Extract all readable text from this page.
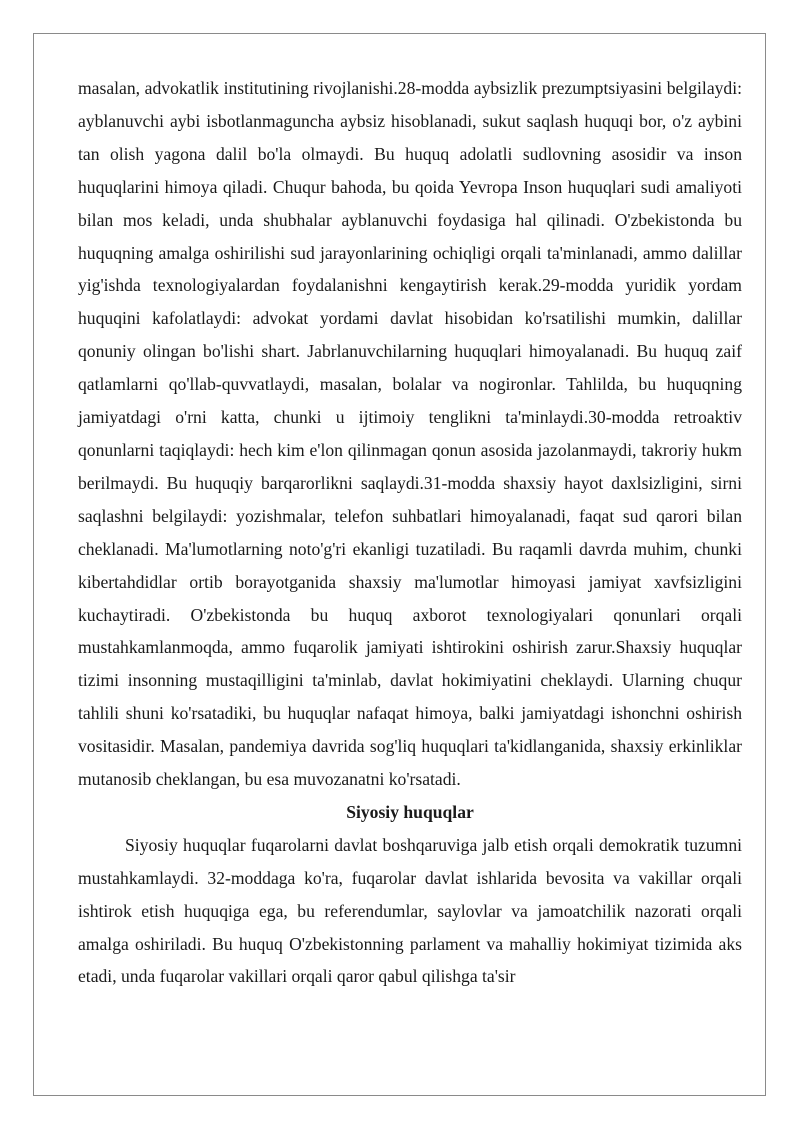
masalan, advokatlik institutining rivojlanishi.28-modda aybsizlik prezumptsiyasini belgilaydi: ayblanuvchi aybi isbotlanmaguncha aybsiz hisoblanadi, sukut saqlash huquqi bor, o'z aybini tan olish yagona dalil bo'la olmaydi. Bu huquq adolatli sudlovning asosidir va inson huquqlarini himoya qiladi. Chuqur bahoda, bu qoida Yevropa Inson huquqlari sudi amaliyoti bilan mos keladi, unda shubhalar ayblanuvchi foydasiga hal qilinadi. O'zbekistonda bu huquqning amalga oshirilishi sud jarayonlarining ochiqligi orqali ta'minlanadi, ammo dalillar yig'ishda texnologiyalardan foydalanishni kengaytirish kerak.29-modda yuridik yordam huquqini kafolatlaydi: advokat yordami davlat hisobidan ko'rsatilishi mumkin, dalillar qonuniy olingan bo'lishi shart. Jabrlanuvchilarning huquqlari himoyalanadi. Bu huquq zaif qatlamlarni qo'llab-quvvatlaydi, masalan, bolalar va nogironlar. Tahlilda, bu huquqning jamiyatdagi o'rni katta, chunki u ijtimoiy tenglikni ta'minlaydi.30-modda retroaktiv qonunlarni taqiqlaydi: hech kim e'lon qilinmagan qonun asosida jazolanmaydi, takroriy hukm berilmaydi. Bu huquqiy barqarorlikni saqlaydi.31-modda shaxsiy hayot daxlsizligini, sirni saqlashni belgilaydi: yozishmalar, telefon suhbatlari himoyalanadi, faqat sud qarori bilan cheklanadi. Ma'lumotlarning noto'g'ri ekanligi tuzatiladi. Bu raqamli davrda muhim, chunki kibertahdidlar ortib borayotganida shaxsiy ma'lumotlar himoyasi jamiyat xavfsizligini kuchaytiradi. O'zbekistonda bu huquq axborot texnologiyalari qonunlari orqali mustahkamlanmoqda, ammo fuqarolik jamiyati ishtirokini oshirish zarur.Shaxsiy huquqlar tizimi insonning mustaqilligini ta'minlab, davlat hokimiyatini cheklaydi. Ularning chuqur tahlili shuni ko'rsatadiki, bu huquqlar nafaqat himoya, balki jamiyatdagi ishonchni oshirish vositasidir. Masalan, pandemiya davrida sog'liq huquqlari ta'kidlanganida, shaxsiy erkinliklar mutanosib cheklangan, bu esa muvozanatni ko'rsatadi.

Siyosiy huquqlar

Siyosiy huquqlar fuqarolarni davlat boshqaruviga jalb etish orqali demokratik tuzumni mustahkamlaydi. 32-moddaga ko'ra, fuqarolar davlat ishlarida bevosita va vakillar orqali ishtirok etish huquqiga ega, bu referendumlar, saylovlar va jamoatchilik nazorati orqali amalga oshiriladi. Bu huquq O'zbekistonning parlament va mahalliy hokimiyat tizimida aks etadi, unda fuqarolar vakillari orqali qaror qabul qilishga ta'sir
